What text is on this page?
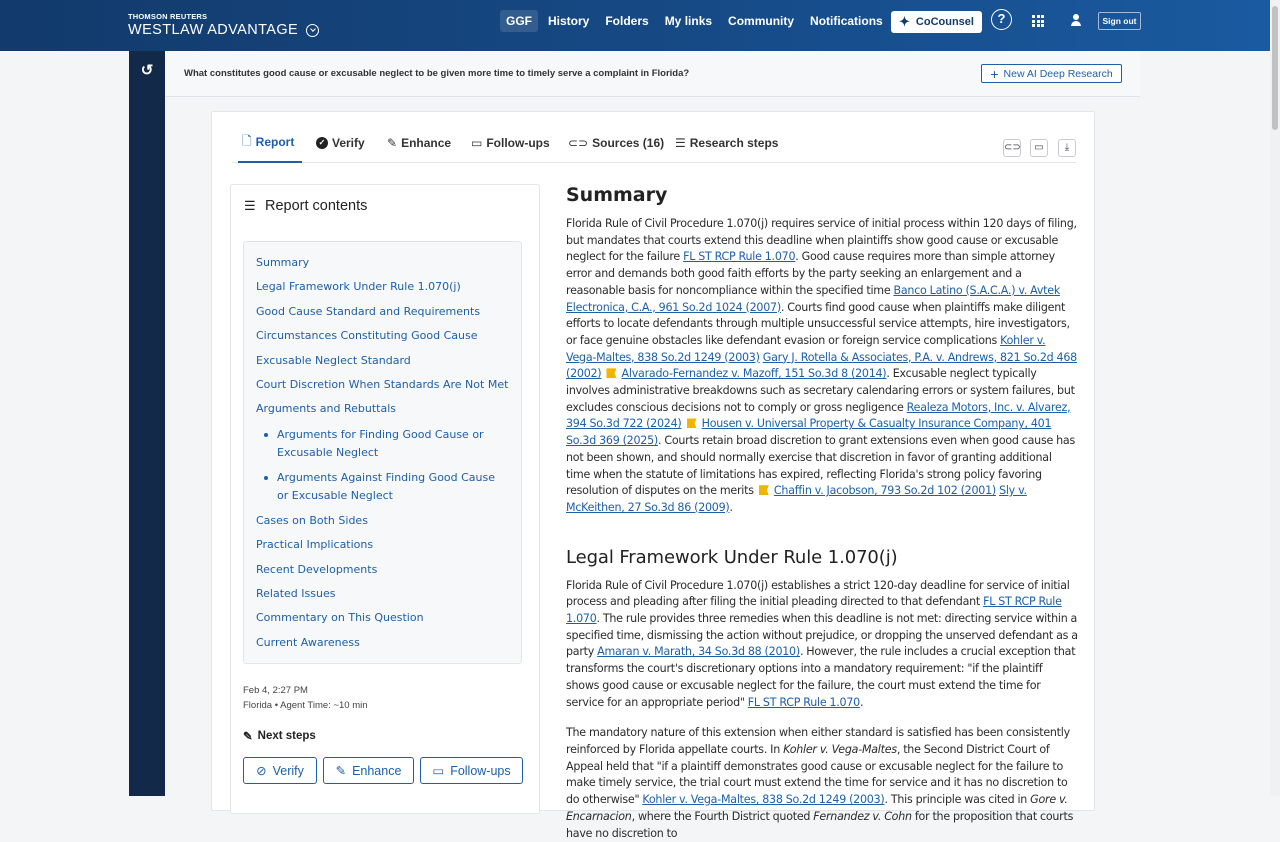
THOMSON REUTERS
WESTLAW ADVANTAGE
GGF	History	Folders	My links	Community	Notifications	✦ CoCounsel	?	Sign out
↺	What constitutes good cause or excusable neglect to be given more time to timely serve a complaint in Florida?	+ New AI Deep Research
🗋 Report	✓ Verify ✎ Enhance ▭ Follow-ups ⊂⊃ Sources (16) ☰ Research steps	⊂⊃	▭	⤓
☰ Report contents
Summary
Legal Framework Under Rule 1.070(j)
Good Cause Standard and Requirements
Circumstances Constituting Good Cause
Excusable Neglect Standard
Court Discretion When Standards Are Not Met
Arguments and Rebuttals
Arguments for Finding Good Cause or Excusable Neglect
Arguments Against Finding Good Cause or Excusable Neglect
Cases on Both Sides
Practical Implications
Recent Developments
Related Issues
Commentary on This Question
Current Awareness
Feb 4, 2:27 PM
Florida • Agent Time: ~10 min
✎ Next steps
⊘ Verify	✎ Enhance ▭ Follow-ups
Summary

Florida Rule of Civil Procedure 1.070(j) requires service of initial process within 120 days of filing, but mandates that courts extend this deadline when plaintiffs show good cause or excusable neglect for the failure FL ST RCP Rule 1.070. Good cause requires more than simple attorney error and demands both good faith efforts by the party seeking an enlargement and a reasonable basis for noncompliance within the specified time Banco Latino (S.A.C.A.) v. Avtek Electronica, C.A., 961 So.2d 1024 (2007). Courts find good cause when plaintiffs make diligent efforts to locate defendants through multiple unsuccessful service attempts, hire investigators, or face genuine obstacles like defendant evasion or foreign service complications Kohler v. Vega-Maltes, 838 So.2d 1249 (2003) Gary J. Rotella & Associates, P.A. v. Andrews, 821 So.2d 468 (2002) Alvarado-Fernandez v. Mazoff, 151 So.3d 8 (2014). Excusable neglect typically involves administrative breakdowns such as secretary calendaring errors or system failures, but excludes conscious decisions not to comply or gross negligence Realeza Motors, Inc. v. Alvarez, 394 So.3d 722 (2024) Housen v. Universal Property & Casualty Insurance Company, 401 So.3d 369 (2025). Courts retain broad discretion to grant extensions even when good cause has not been shown, and should normally exercise that discretion in favor of granting additional time when the statute of limitations has expired, reflecting Florida's strong policy favoring resolution of disputes on the merits  Chaffin v. Jacobson, 793 So.2d 102 (2001) Sly v. McKeithen, 27 So.3d 86 (2009).

Legal Framework Under Rule 1.070(j)

Florida Rule of Civil Procedure 1.070(j) establishes a strict 120-day deadline for service of initial process and pleading after filing the initial pleading directed to that defendant FL ST RCP Rule 1.070. The rule provides three remedies when this deadline is not met: directing service within a specified time, dismissing the action without prejudice, or dropping the unserved defendant as a party Amaran v. Marath, 34 So.3d 88 (2010). However, the rule includes a crucial exception that transforms the court's discretionary options into a mandatory requirement: "if the plaintiff shows good cause or excusable neglect for the failure, the court must extend the time for service for an appropriate period" FL ST RCP Rule 1.070.

The mandatory nature of this extension when either standard is satisfied has been consistently reinforced by Florida appellate courts. In Kohler v. Vega-Maltes, the Second District Court of Appeal held that "if a plaintiff demonstrates good cause or excusable neglect for the failure to make timely service, the trial court must extend the time for service and it has no discretion to do otherwise" Kohler v. Vega-Maltes, 838 So.2d 1249 (2003). This principle was cited in Gore v. Encarnacion, where the Fourth District quoted Fernandez v. Cohn for the proposition that courts have no discretion to
